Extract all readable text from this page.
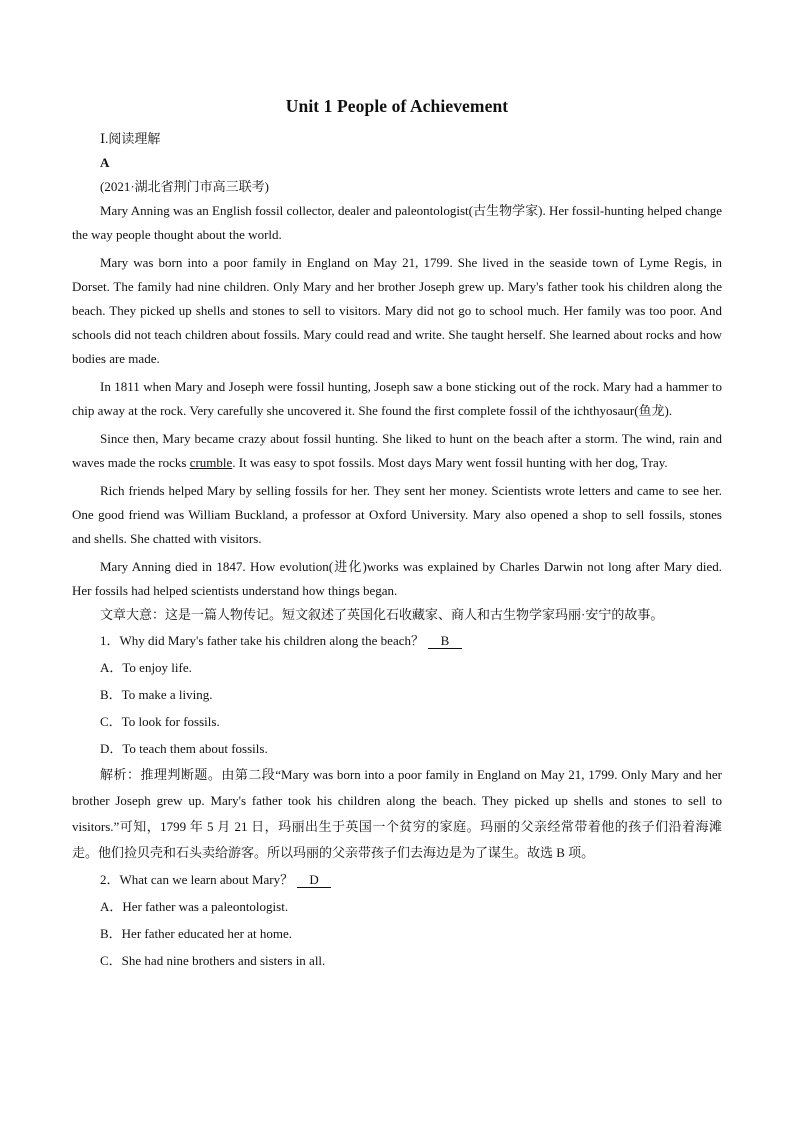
Unit 1 People of Achievement
Ⅰ.阅读理解
A
(2021·湖北省荆门市高三联考)

Mary Anning was an English fossil collector, dealer and paleontologist(古生物学家). Her fossil-hunting helped change the way people thought about the world.

Mary was born into a poor family in England on May 21, 1799. She lived in the seaside town of Lyme Regis, in Dorset. The family had nine children. Only Mary and her brother Joseph grew up. Mary's father took his children along the beach. They picked up shells and stones to sell to visitors. Mary did not go to school much. Her family was too poor. And schools did not teach children about fossils. Mary could read and write. She taught herself. She learned about rocks and how bodies are made.

In 1811 when Mary and Joseph were fossil hunting, Joseph saw a bone sticking out of the rock. Mary had a hammer to chip away at the rock. Very carefully she uncovered it. She found the first complete fossil of the ichthyosaur(鱼龙).

Since then, Mary became crazy about fossil hunting. She liked to hunt on the beach after a storm. The wind, rain and waves made the rocks crumble. It was easy to spot fossils. Most days Mary went fossil hunting with her dog, Tray.

Rich friends helped Mary by selling fossils for her. They sent her money. Scientists wrote letters and came to see her. One good friend was William Buckland, a professor at Oxford University. Mary also opened a shop to sell fossils, stones and shells. She chatted with visitors.

Mary Anning died in 1847. How evolution(进化)works was explained by Charles Darwin not long after Mary died. Her fossils had helped scientists understand how things began.

文章大意：这是一篇人物传记。短文叙述了英国化石收藏家、商人和古生物学家玛丽·安宁的故事。

1．Why did Mary's father take his children along the beach？ B
A．To enjoy life.
B．To make a living.
C．To look for fossils.
D．To teach them about fossils.

解析：推理判断题。由第二段“Mary was born into a poor family in England on May 21, 1799. Only Mary and her brother Joseph grew up. Mary's father took his children along the beach. They picked up shells and stones to sell to visitors.”可知，1799 年 5 月 21 日，玛丽出生于英国一个贫穷的家庭。玛丽的父亲经常带着他的孩子们沿着海滩走。他们捡贝壳和石头卖给游客。所以玛丽的父亲带孩子们去海边是为了谋生。故选 B 项。

2．What can we learn about Mary？ D
A．Her father was a paleontologist.
B．Her father educated her at home.
C．She had nine brothers and sisters in all.
